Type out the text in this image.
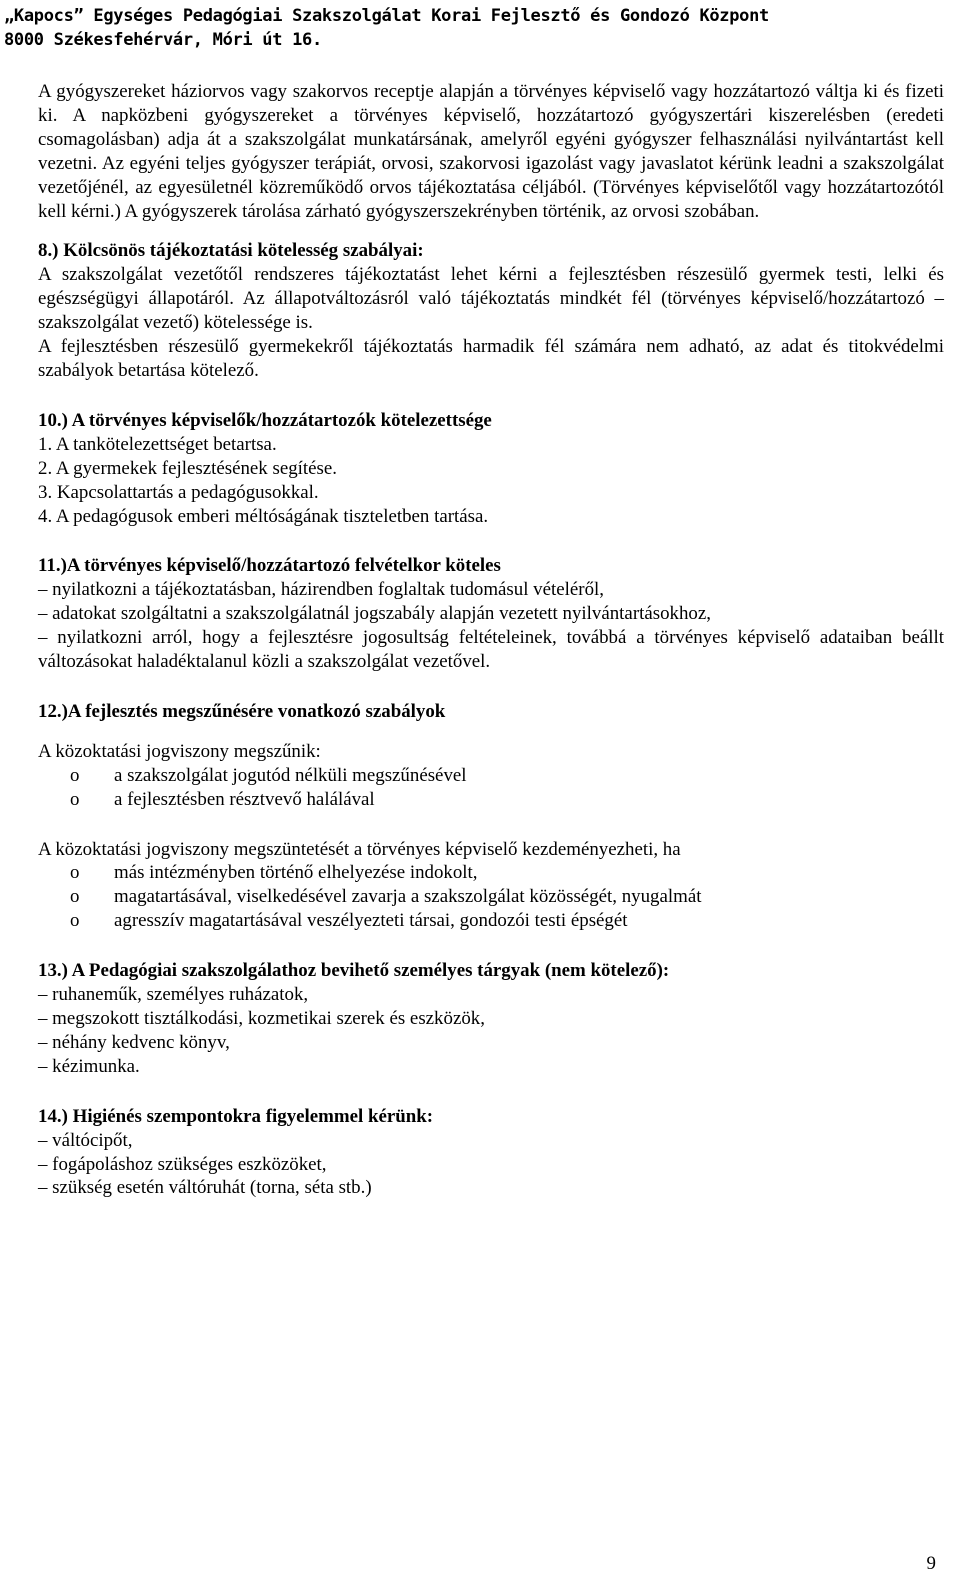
„Kapocs” Egységes Pedagógiai Szakszolgálat Korai Fejlesztő és Gondozó Központ
8000 Székesfehérvár, Móri út 16.

A gyógyszereket háziorvos vagy szakorvos receptje alapján a törvényes képviselő vagy hozzátartozó váltja ki és fizeti ki. A napközbeni gyógyszereket a törvényes képviselő, hozzátartozó gyógyszertári kiszerelésben (eredeti csomagolásban) adja át a szakszolgálat munkatársának, amelyről egyéni gyógyszer felhasználási nyilvántartást kell vezetni. Az egyéni teljes gyógyszer terápiát, orvosi, szakorvosi igazolást vagy javaslatot kérünk leadni a szakszolgálat vezetőjénél, az egyesületnél közreműködő orvos tájékoztatása céljából. (Törvényes képviselőtől vagy hozzátartozótól kell kérni.) A gyógyszerek tárolása zárható gyógyszerszekrényben történik, az orvosi szobában.

8.) Kölcsönös tájékoztatási kötelesség szabályai:

A szakszolgálat vezetőtől rendszeres tájékoztatást lehet kérni a fejlesztésben részesülő gyermek testi, lelki és egészségügyi állapotáról. Az állapotváltozásról való tájékoztatás mindkét fél (törvényes képviselő/hozzátartozó – szakszolgálat vezető) kötelessége is.

A fejlesztésben részesülő gyermekekről tájékoztatás harmadik fél számára nem adható, az adat és titokvédelmi szabályok betartása kötelező.

10.) A törvényes képviselők/hozzátartozók kötelezettsége

1. A tankötelezettséget betartsa.
2. A gyermekek fejlesztésének segítése.
3. Kapcsolattartás a pedagógusokkal.
4. A pedagógusok emberi méltóságának tiszteletben tartása.

11.)A törvényes képviselő/hozzátartozó felvételkor köteles

– nyilatkozni a tájékoztatásban, házirendben foglaltak tudomásul vételéről,
– adatokat szolgáltatni a szakszolgálatnál jogszabály alapján vezetett nyilvántartásokhoz,
– nyilatkozni arról, hogy a fejlesztésre jogosultság feltételeinek, továbbá a törvényes képviselő adataiban beállt változásokat haladéktalanul közli a szakszolgálat vezetővel.

12.)A fejlesztés megszűnésére vonatkozó szabályok

A közoktatási jogviszony megszűnik:

o	a szakszolgálat jogutód nélküli megszűnésével
o	a fejlesztésben résztvevő halálával

A közoktatási jogviszony megszüntetését a törvényes képviselő kezdeményezheti, ha

o	más intézményben történő elhelyezése indokolt,
o	magatartásával, viselkedésével zavarja a szakszolgálat közösségét, nyugalmát
o	agresszív magatartásával veszélyezteti társai, gondozói testi épségét

13.) A Pedagógiai szakszolgálathoz bevihető személyes tárgyak (nem kötelező):

– ruhaneműk, személyes ruházatok,
– megszokott tisztálkodási, kozmetikai szerek és eszközök,
– néhány kedvenc könyv,
– kézimunka.

14.) Higiénés szempontokra figyelemmel kérünk:

– váltócipőt,
– fogápoláshoz szükséges eszközöket,
– szükség esetén váltóruhát (torna, séta stb.)
9
